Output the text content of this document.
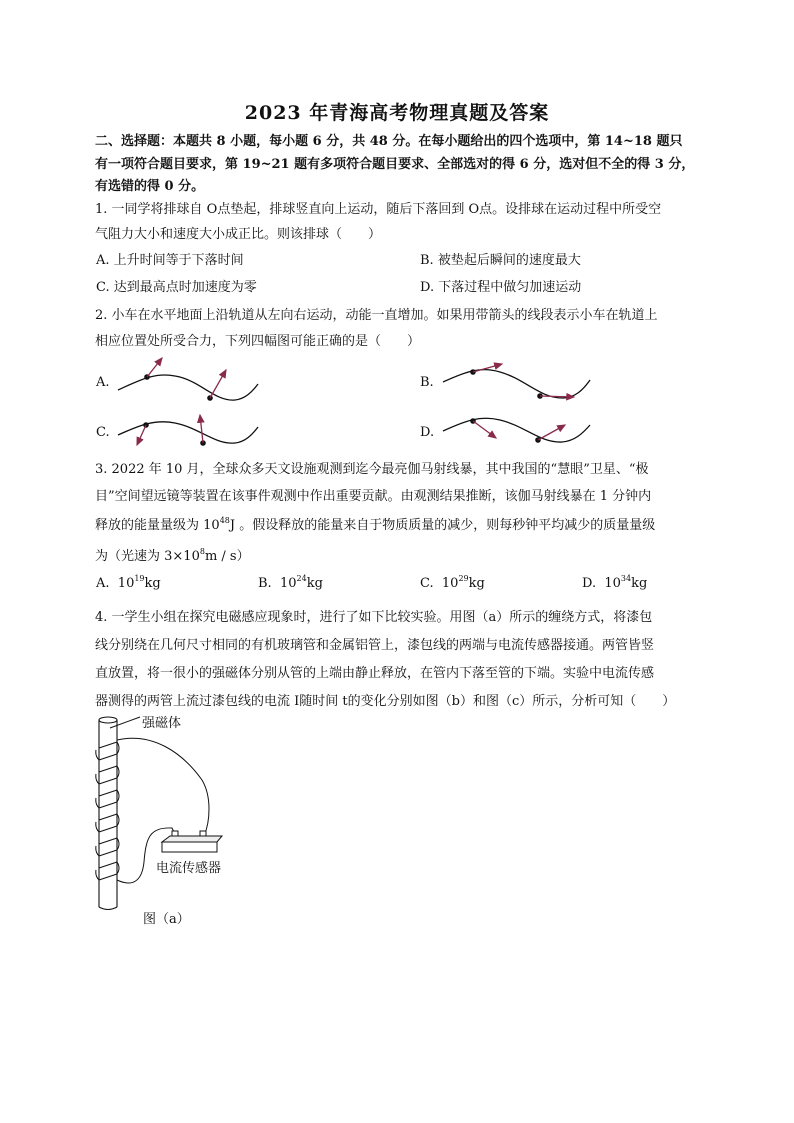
2023 年青海高考物理真题及答案
二、选择题：本题共 8 小题，每小题 6 分，共 48 分。在每小题给出的四个选项中，第 14~18 题只
有一项符合题目要求，第 19~21 题有多项符合题目要求、全部选对的得 6 分，选对但不全的得 3 分，
有选错的得 0 分。
1. 一同学将排球自 O点垫起，排球竖直向上运动，随后下落回到 O点。设排球在运动过程中所受空
气阻力大小和速度大小成正比。则该排球（　　）
A. 上升时间等于下落时间	B. 被垫起后瞬间的速度最大
C. 达到最高点时加速度为零	D. 下落过程中做匀加速运动
2. 小车在水平地面上沿轨道从左向右运动，动能一直增加。如果用带箭头的线段表示小车在轨道上
相应位置处所受合力，下列四幅图可能正确的是（　　）
A.	B.
C.	D.
3. 2022 年 10 月，全球众多天文设施观测到迄今最亮伽马射线暴，其中我国的“慧眼”卫星、“极
目”空间望远镜等装置在该事件观测中作出重要贡献。由观测结果推断，该伽马射线暴在 1 分钟内
释放的能量量级为 $10^{48}J$ 。假设释放的能量来自于物质质量的减少，则每秒钟平均减少的质量量级
为（光速为 $3\times 10^8m / s$）
A. $10^{19}kg$	B. $10^{24}kg$	C. $10^{29}kg$	D. $10^{34}kg$
4. 一学生小组在探究电磁感应现象时，进行了如下比较实验。用图（a）所示的缠绕方式，将漆包
线分别绕在几何尺寸相同的有机玻璃管和金属铝管上，漆包线的两端与电流传感器接通。两管皆竖
直放置，将一很小的强磁体分别从管的上端由静止释放，在管内下落至管的下端。实验中电流传感
器测得的两管上流过漆包线的电流 I随时间 t的变化分别如图（b）和图（c）所示，分析可知（　　）
强磁体
电流传感器
图（a）
